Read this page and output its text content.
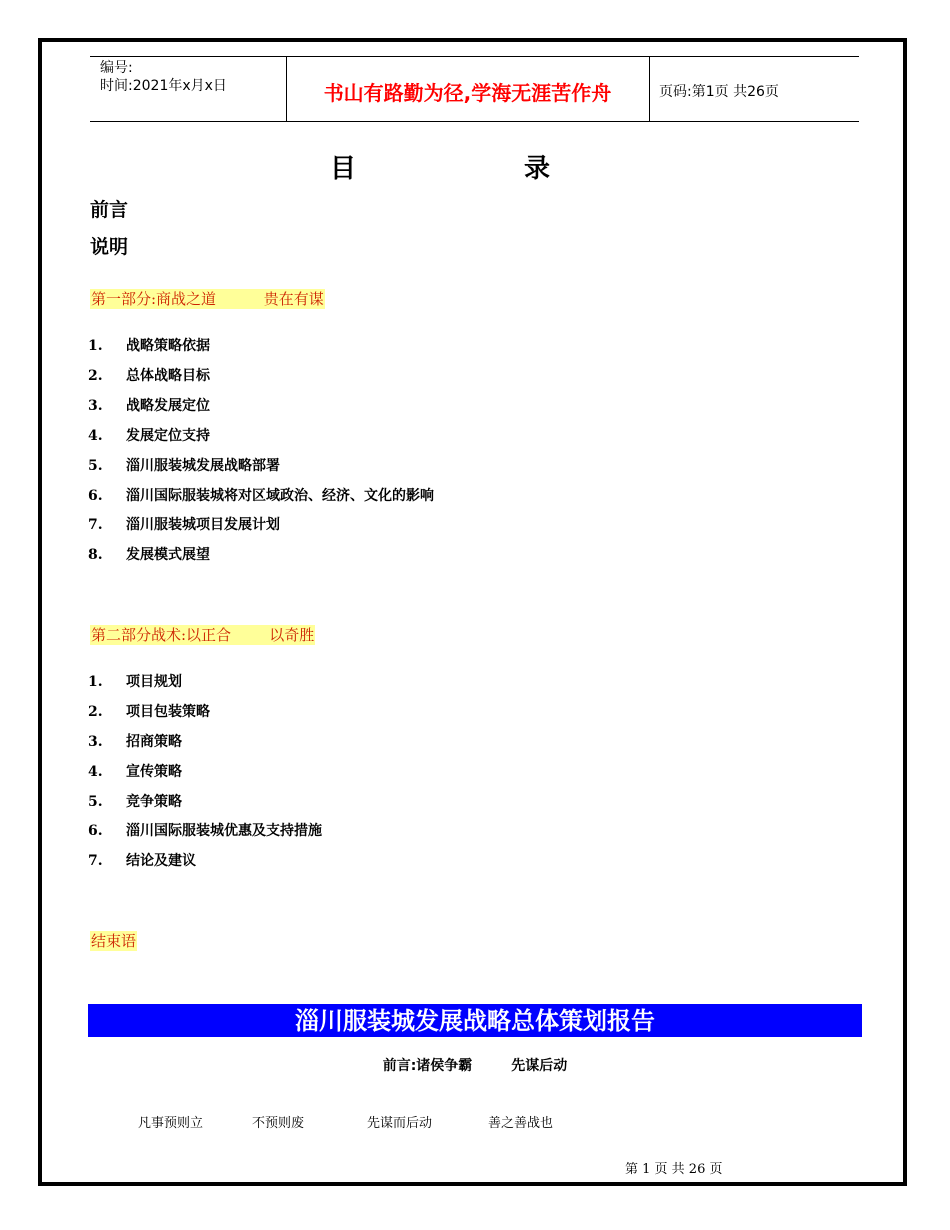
编号:
时间:2021年x月x日	书山有路勤为径,学海无涯苦作舟	页码:第1页 共26页
目	录
前言
说明
第一部分:商战之道          贵在有谋
1. 战略策略依据
2. 总体战略目标
3. 战略发展定位
4. 发展定位支持
5. 淄川服装城发展战略部署
6. 淄川国际服装城将对区域政治、经济、文化的影响
7. 淄川服装城项目发展计划
8. 发展模式展望
第二部分战术:以正合        以奇胜
1. 项目规划
2. 项目包装策略
3. 招商策略
4. 宣传策略
5. 竞争策略
6. 淄川国际服装城优惠及支持措施
7. 结论及建议
结束语
淄川服装城发展战略总体策划报告
前言:诸侯争霸        先谋后动
凡事预则立	不预则废	先谋而后动	善之善战也
第 1 页 共 26 页
